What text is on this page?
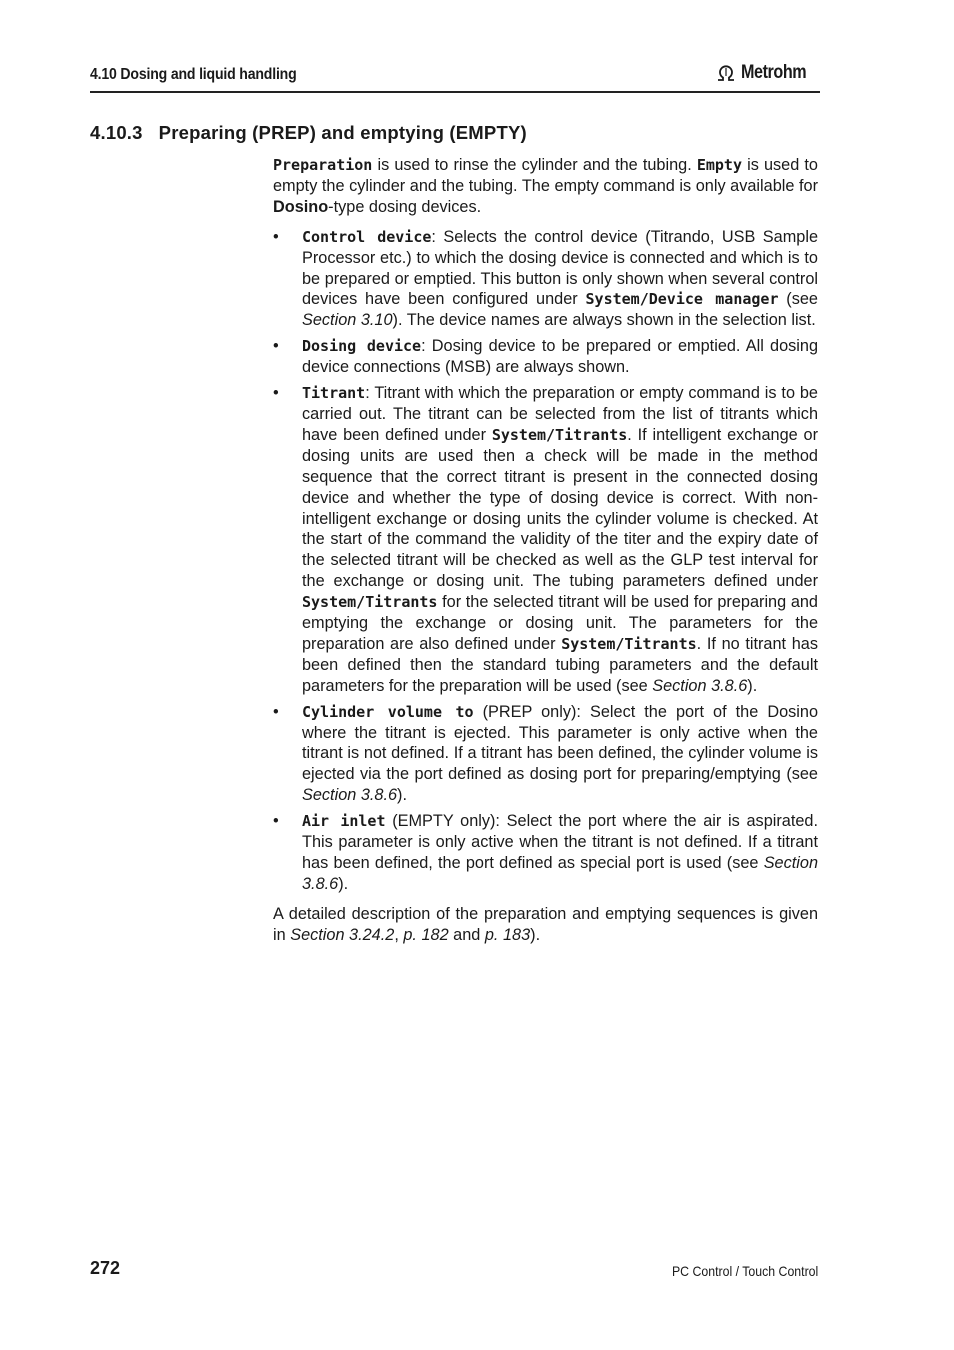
4.10 Dosing and liquid handling	Metrohm
4.10.3 Preparing (PREP) and emptying (EMPTY)

Preparation is used to rinse the cylinder and the tubing. Empty is used to empty the cylinder and the tubing. The empty command is only available for Dosino-type dosing devices.

• Control device: Selects the control device (Titrando, USB Sample Processor etc.) to which the dosing device is connected and which is to be prepared or emptied. This button is only shown when several control devices have been configured under System/Device manager (see Section 3.10). The device names are always shown in the selection list.
• Dosing device: Dosing device to be prepared or emptied. All dosing device connections (MSB) are always shown.
• Titrant: Titrant with which the preparation or empty command is to be carried out. The titrant can be selected from the list of titrants which have been defined under System/Titrants. If intelligent exchange or dosing units are used then a check will be made in the method sequence that the correct titrant is present in the connected dosing device and whether the type of dosing device is correct. With non-intelligent exchange or dosing units the cylinder volume is checked. At the start of the command the validity of the titer and the expiry date of the selected titrant will be checked as well as the GLP test interval for the exchange or dosing unit. The tubing parameters defined under System/Titrants for the selected titrant will be used for preparing and emptying the exchange or dosing unit. The parameters for the preparation are also defined under System/Titrants. If no titrant has been defined then the standard tubing parameters and the default parameters for the preparation will be used (see Section 3.8.6).
• Cylinder volume to (PREP only): Select the port of the Dosino where the titrant is ejected. This parameter is only active when the titrant is not defined. If a titrant has been defined, the cylinder volume is ejected via the port defined as dosing port for preparing/emptying (see Section 3.8.6).
• Air inlet (EMPTY only): Select the port where the air is aspirated. This parameter is only active when the titrant is not defined. If a titrant has been defined, the port defined as special port is used (see Section 3.8.6).

A detailed description of the preparation and emptying sequences is given in Section 3.24.2, p. 182 and p. 183).

272	PC Control / Touch Control
